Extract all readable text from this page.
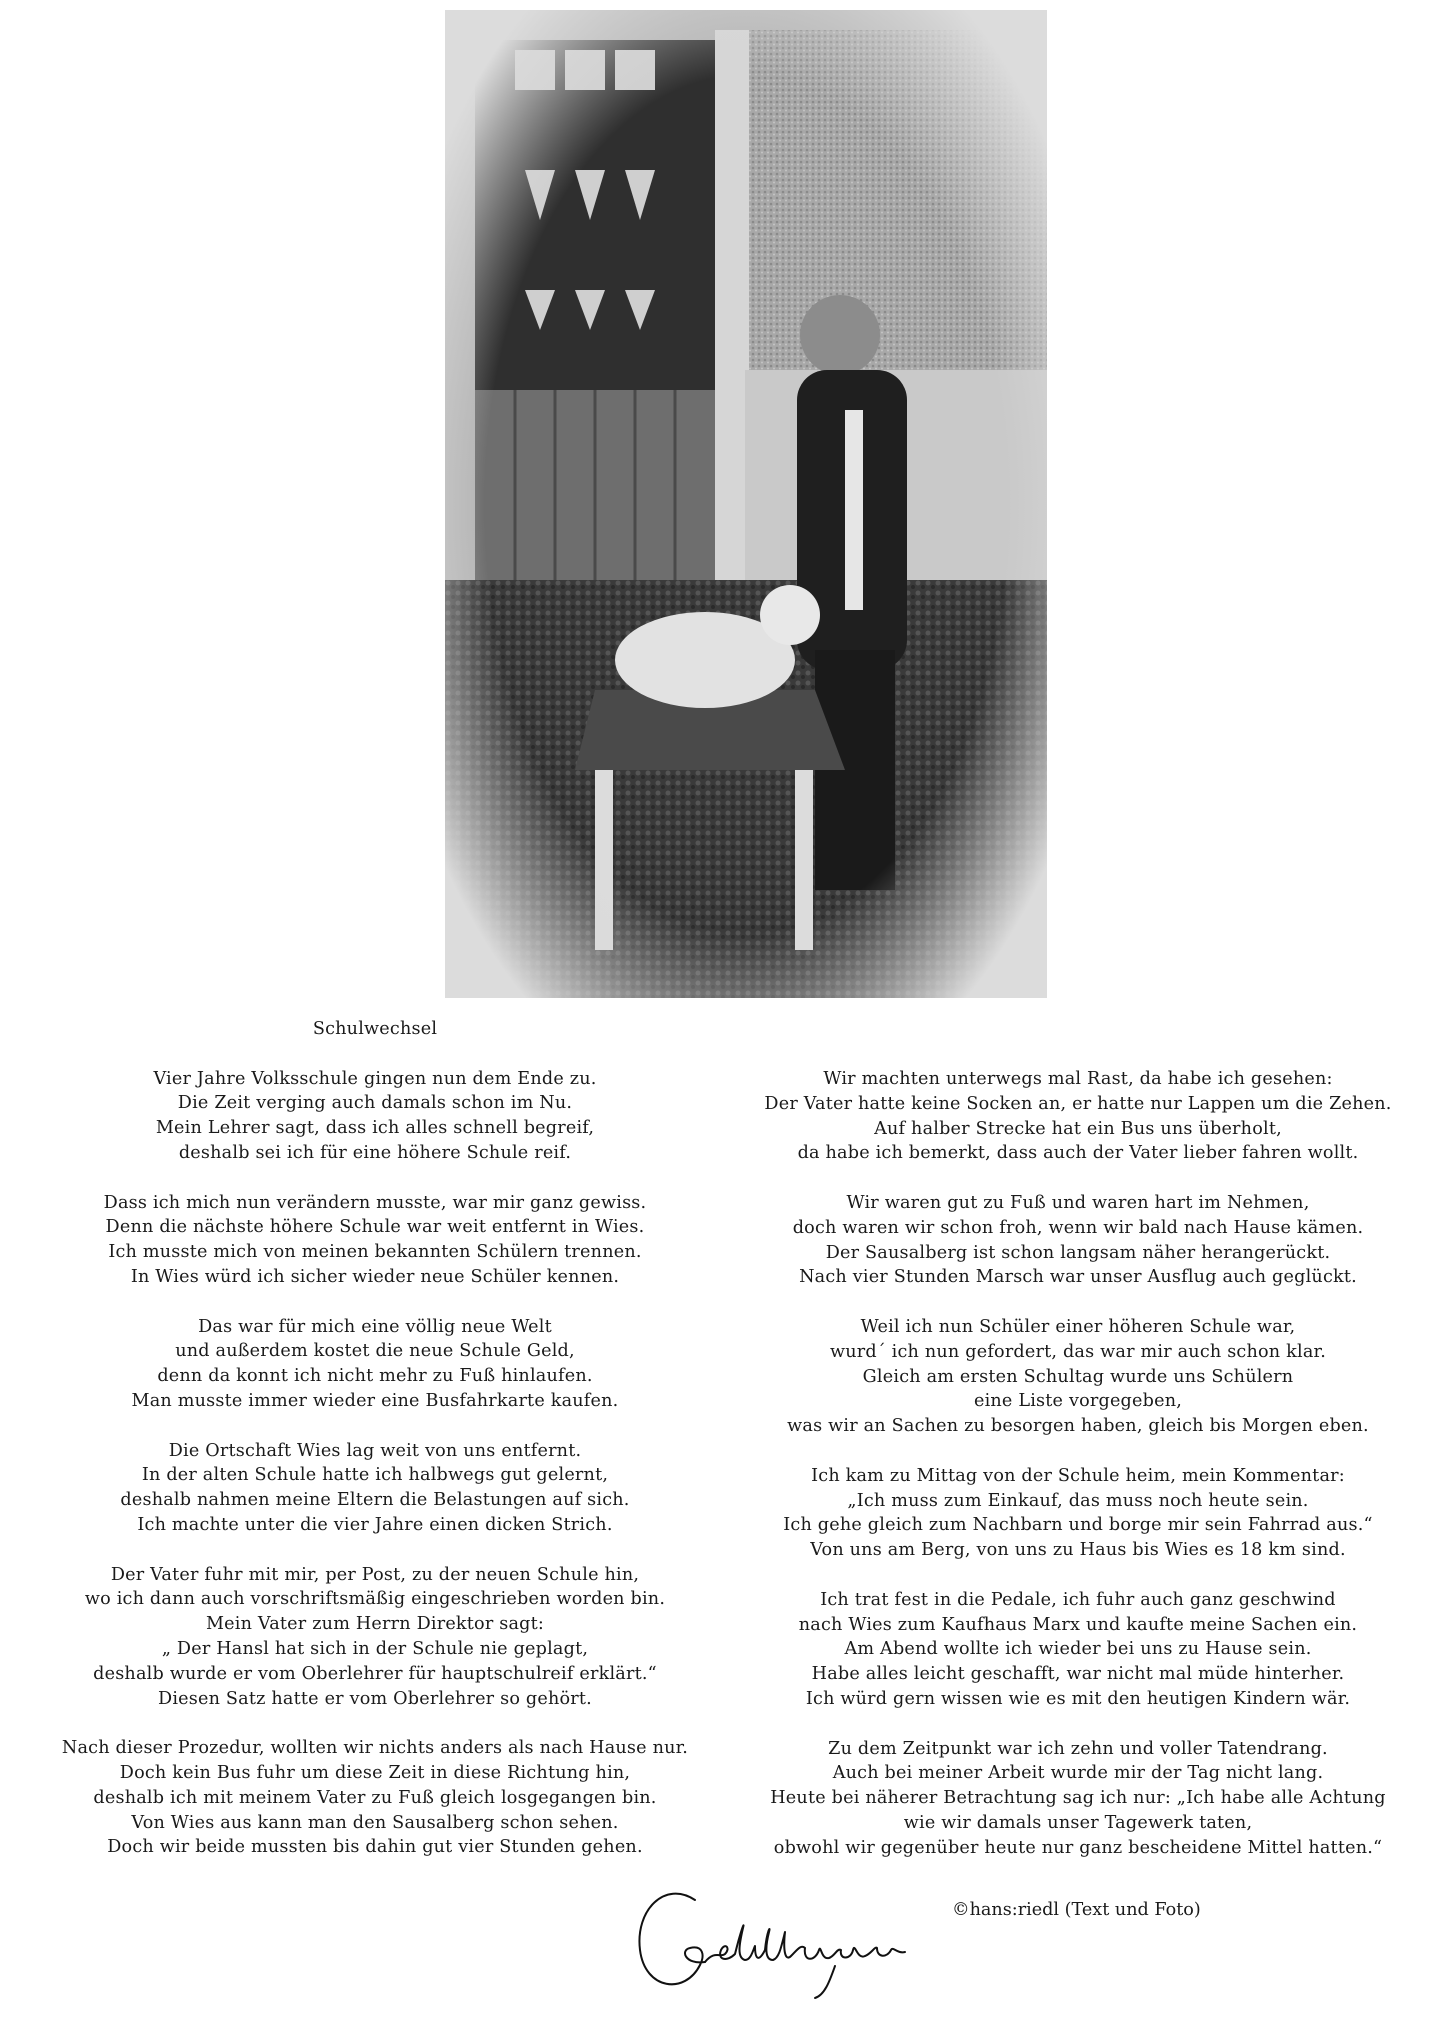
Schulwechsel
Vier Jahre Volksschule gingen nun dem Ende zu.
Die Zeit verging auch damals schon im Nu.
Mein Lehrer sagt, dass ich alles schnell begreif,
deshalb sei ich für eine höhere Schule reif.
Dass ich mich nun verändern musste, war mir ganz gewiss.
Denn die nächste höhere Schule war weit entfernt in Wies.
Ich musste mich von meinen bekannten Schülern trennen.
In Wies würd ich sicher wieder neue Schüler kennen.
Das war für mich eine völlig neue Welt
und außerdem kostet die neue Schule Geld,
denn da konnt ich nicht mehr zu Fuß hinlaufen.
Man musste immer wieder eine Busfahrkarte kaufen.
Die Ortschaft Wies lag weit von uns entfernt.
In der alten Schule hatte ich halbwegs gut gelernt,
deshalb nahmen meine Eltern die Belastungen auf sich.
Ich machte unter die vier Jahre einen dicken Strich.
Der Vater fuhr mit mir, per Post, zu der neuen Schule hin,
wo ich dann auch vorschriftsmäßig eingeschrieben worden bin.
Mein Vater zum Herrn Direktor sagt:
„ Der Hansl hat sich in der Schule nie geplagt,
deshalb wurde er vom Oberlehrer für hauptschulreif erklärt.“
Diesen Satz hatte er vom Oberlehrer so gehört.
Nach dieser Prozedur, wollten wir nichts anders als nach Hause nur.
Doch kein Bus fuhr um diese Zeit in diese Richtung hin,
deshalb ich mit meinem Vater zu Fuß gleich losgegangen bin.
Von Wies aus kann man den Sausalberg schon sehen.
Doch wir beide mussten bis dahin gut vier Stunden gehen.
Wir machten unterwegs mal Rast, da habe ich gesehen:
Der Vater hatte keine Socken an, er hatte nur Lappen um die Zehen.
Auf halber Strecke hat ein Bus uns überholt,
da habe ich bemerkt, dass auch der Vater lieber fahren wollt.
Wir waren gut zu Fuß und waren hart im Nehmen,
doch waren wir schon froh, wenn wir bald nach Hause kämen.
Der Sausalberg ist schon langsam näher herangerückt.
Nach vier Stunden Marsch war unser Ausflug auch geglückt.
Weil ich nun Schüler einer höheren Schule war,
wurd´ ich nun gefordert, das war mir auch schon klar.
Gleich am ersten Schultag wurde uns Schülern
eine Liste vorgegeben,
was wir an Sachen zu besorgen haben, gleich bis Morgen eben.
Ich kam zu Mittag von der Schule heim, mein Kommentar:
„Ich muss zum Einkauf, das muss noch heute sein.
Ich gehe gleich zum Nachbarn und borge mir sein Fahrrad aus.“
Von uns am Berg, von uns zu Haus bis Wies es 18 km sind.
Ich trat fest in die Pedale, ich fuhr auch ganz geschwind
nach Wies zum Kaufhaus Marx und kaufte meine Sachen ein.
Am Abend wollte ich wieder bei uns zu Hause sein.
Habe alles leicht geschafft, war nicht mal müde hinterher.
Ich würd gern wissen wie es mit den heutigen Kindern wär.
Zu dem Zeitpunkt war ich zehn und voller Tatendrang.
Auch bei meiner Arbeit wurde mir der Tag nicht lang.
Heute bei näherer Betrachtung sag ich nur: „Ich habe alle Achtung
wie wir damals unser Tagewerk taten,
obwohl wir gegenüber heute nur ganz bescheidene Mittel hatten.“
©hans:riedl (Text und Foto)
